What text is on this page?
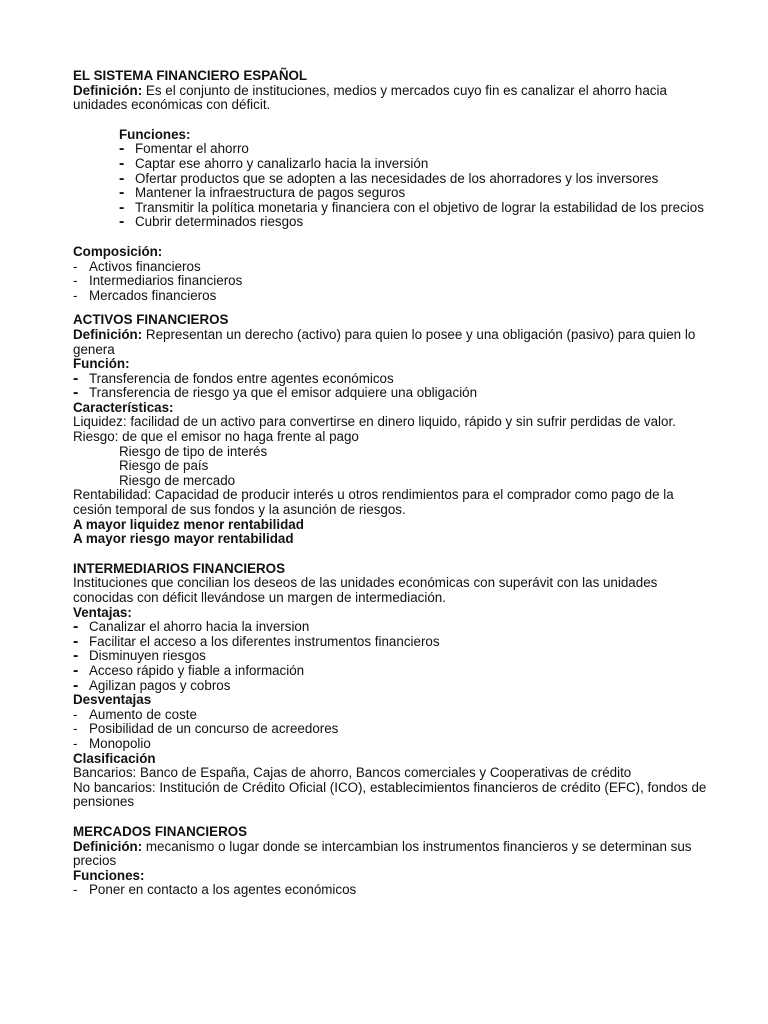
EL SISTEMA FINANCIERO ESPAÑOL

Definición: Es el conjunto de instituciones, medios y mercados cuyo fin es canalizar el ahorro hacia unidades económicas con déficit.

Funciones:

- Fomentar el ahorro
- Captar ese ahorro y canalizarlo hacia la inversión
- Ofertar productos que se adopten a las necesidades de los ahorradores y los inversores
- Mantener la infraestructura de pagos seguros
- Transmitir la política monetaria y financiera con el objetivo de lograr la estabilidad de los precios
- Cubrir determinados riesgos

Composición:

- Activos financieros
- Intermediarios financieros
- Mercados financieros

ACTIVOS FINANCIEROS

Definición: Representan un derecho (activo) para quien lo posee y una obligación (pasivo) para quien lo genera

Función:

- Transferencia de fondos entre agentes económicos
- Transferencia de riesgo ya que el emisor adquiere una obligación

Características:

Liquidez: facilidad de un activo para convertirse en dinero liquido, rápido y sin sufrir perdidas de valor.

Riesgo: de que el emisor no haga frente al pago

Riesgo de tipo de interés

Riesgo de país

Riesgo de mercado

Rentabilidad: Capacidad de producir interés u otros rendimientos para el comprador como pago de la cesión temporal de sus fondos y la asunción de riesgos.

A mayor liquidez menor rentabilidad

A mayor riesgo mayor rentabilidad

INTERMEDIARIOS FINANCIEROS

Instituciones que concilian los deseos de las unidades económicas con superávit con las unidades conocidas con déficit llevándose un margen de intermediación.

Ventajas:

- Canalizar el ahorro hacia la inversion
- Facilitar el acceso a los diferentes instrumentos financieros
- Disminuyen riesgos
- Acceso rápido y fiable a información
- Agilizan pagos y cobros

Desventajas

- Aumento de coste
- Posibilidad de un concurso de acreedores
- Monopolio

Clasificación

Bancarios: Banco de España, Cajas de ahorro, Bancos comerciales y Cooperativas de crédito

No bancarios: Institución de Crédito Oficial (ICO), establecimientos financieros de crédito (EFC), fondos de pensiones

MERCADOS FINANCIEROS

Definición: mecanismo o lugar donde se intercambian los instrumentos financieros y se determinan sus precios

Funciones:

- Poner en contacto a los agentes económicos
